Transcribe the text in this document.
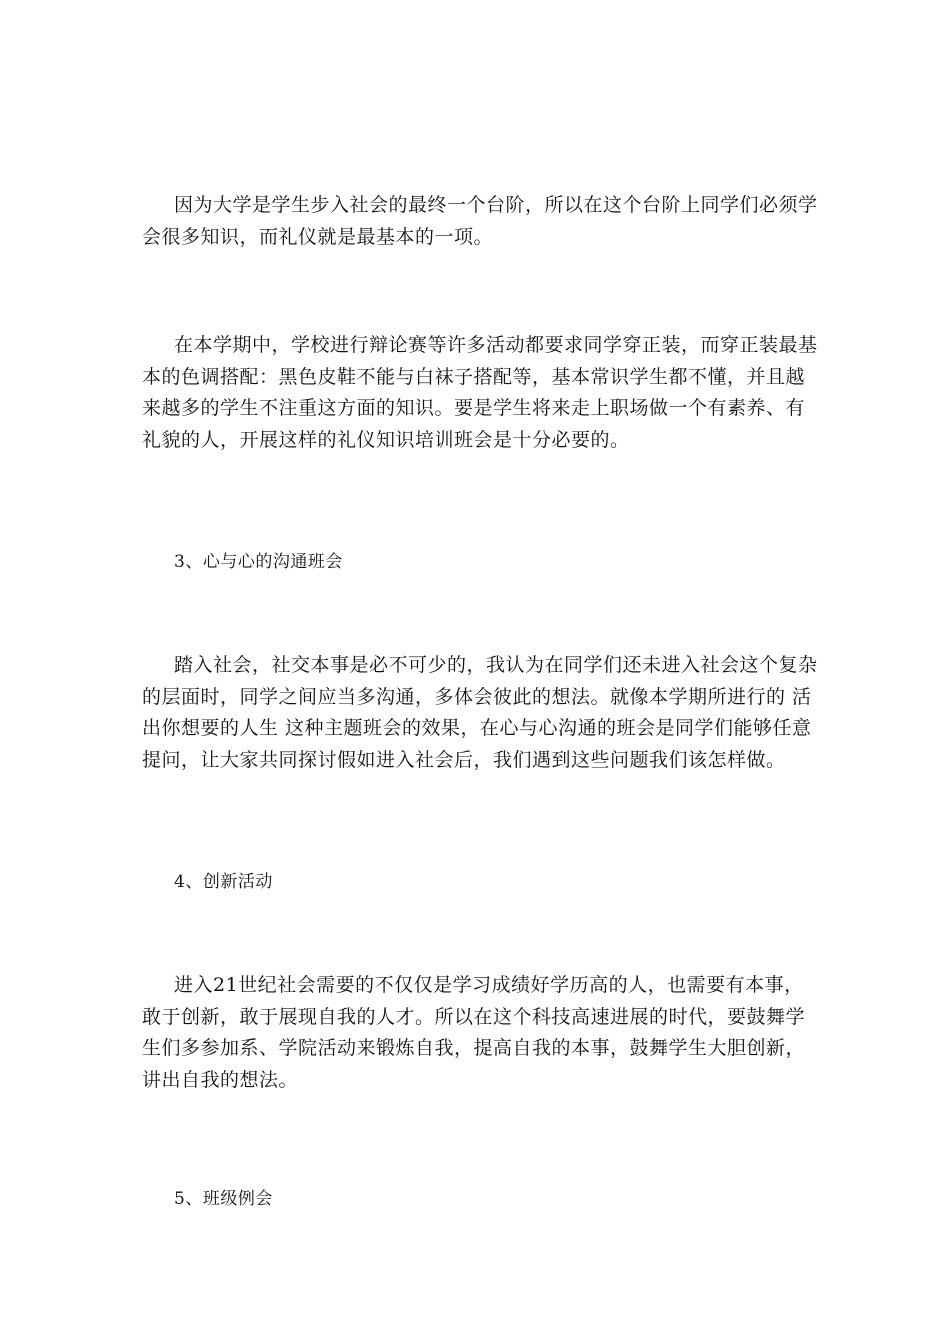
因为大学是学生步入社会的最终一个台阶，所以在这个台阶上同学们必须学
会很多知识，而礼仪就是最基本的一项。
在本学期中，学校进行辩论赛等许多活动都要求同学穿正装，而穿正装最基
本的色调搭配：黑色皮鞋不能与白袜子搭配等，基本常识学生都不懂，并且越
来越多的学生不注重这方面的知识。要是学生将来走上职场做一个有素养、有
礼貌的人，开展这样的礼仪知识培训班会是十分必要的。
3、心与心的沟通班会
踏入社会，社交本事是必不可少的，我认为在同学们还未进入社会这个复杂
的层面时，同学之间应当多沟通，多体会彼此的想法。就像本学期所进行的 活
出你想要的人生 这种主题班会的效果，在心与心沟通的班会是同学们能够任意
提问，让大家共同探讨假如进入社会后，我们遇到这些问题我们该怎样做。
4、创新活动
进入21世纪社会需要的不仅仅是学习成绩好学历高的人，也需要有本事，
敢于创新，敢于展现自我的人才。所以在这个科技高速进展的时代，要鼓舞学
生们多参加系、学院活动来锻炼自我，提高自我的本事，鼓舞学生大胆创新，
讲出自我的想法。
5、班级例会
